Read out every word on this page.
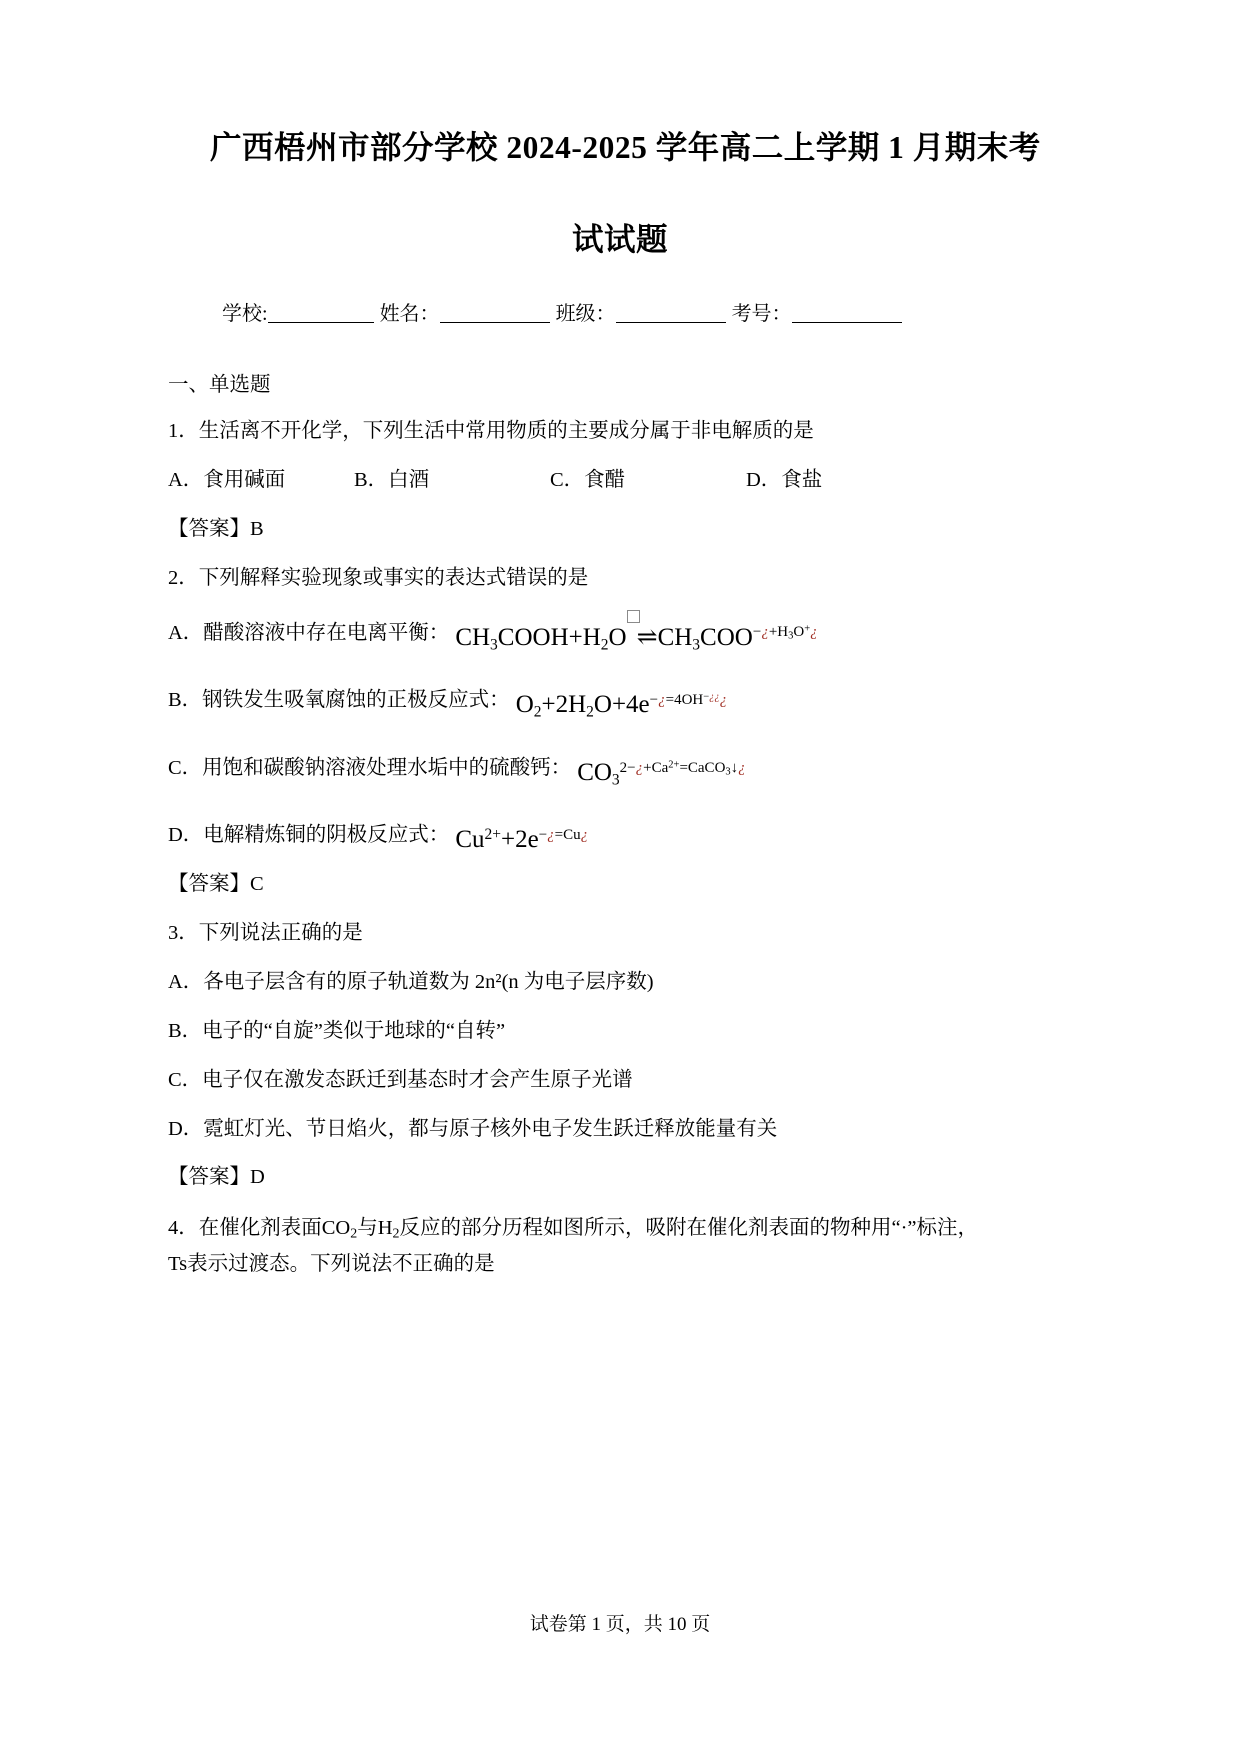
广西梧州市部分学校 2024-2025 学年高二上学期 1 月期末考
试试题
学校:	姓名：	班级：	考号：
一、单选题
1．生活离不开化学，下列生活中常用物质的主要成分属于非电解质的是
A．食用碱面	B．白酒	C．食醋	D．食盐
【答案】B
2．下列解释实验现象或事实的表达式错误的是
A．醋酸溶液中存在电离平衡： $CH_3COOH+H_2O$ $\rightleftharpoons CH_3COO^{-¿+H_3O^+¿}$
B．钢铁发生吸氧腐蚀的正极反应式： $O_2+2H_2O+4e^{-¿=4OH^{-¿¿}¿}$
C．用饱和碳酸钠溶液处理水垢中的硫酸钙： $CO_3^{2-¿+Ca^{2+}=CaCO_3↓¿}$
D．电解精炼铜的阴极反应式： $Cu^{2+}+2e^{-¿=Cu¿}$
【答案】C
3．下列说法正确的是
A．各电子层含有的原子轨道数为 2n²(n 为电子层序数)
B．电子的“自旋”类似于地球的“自转”
C．电子仅在激发态跃迁到基态时才会产生原子光谱
D．霓虹灯光、节日焰火，都与原子核外电子发生跃迁释放能量有关
【答案】D
4．在催化剂表面$CO_2$与$H_2$反应的部分历程如图所示，吸附在催化剂表面的物种用“·”标注，
Ts表示过渡态。下列说法不正确的是
试卷第 1 页，共 10 页
